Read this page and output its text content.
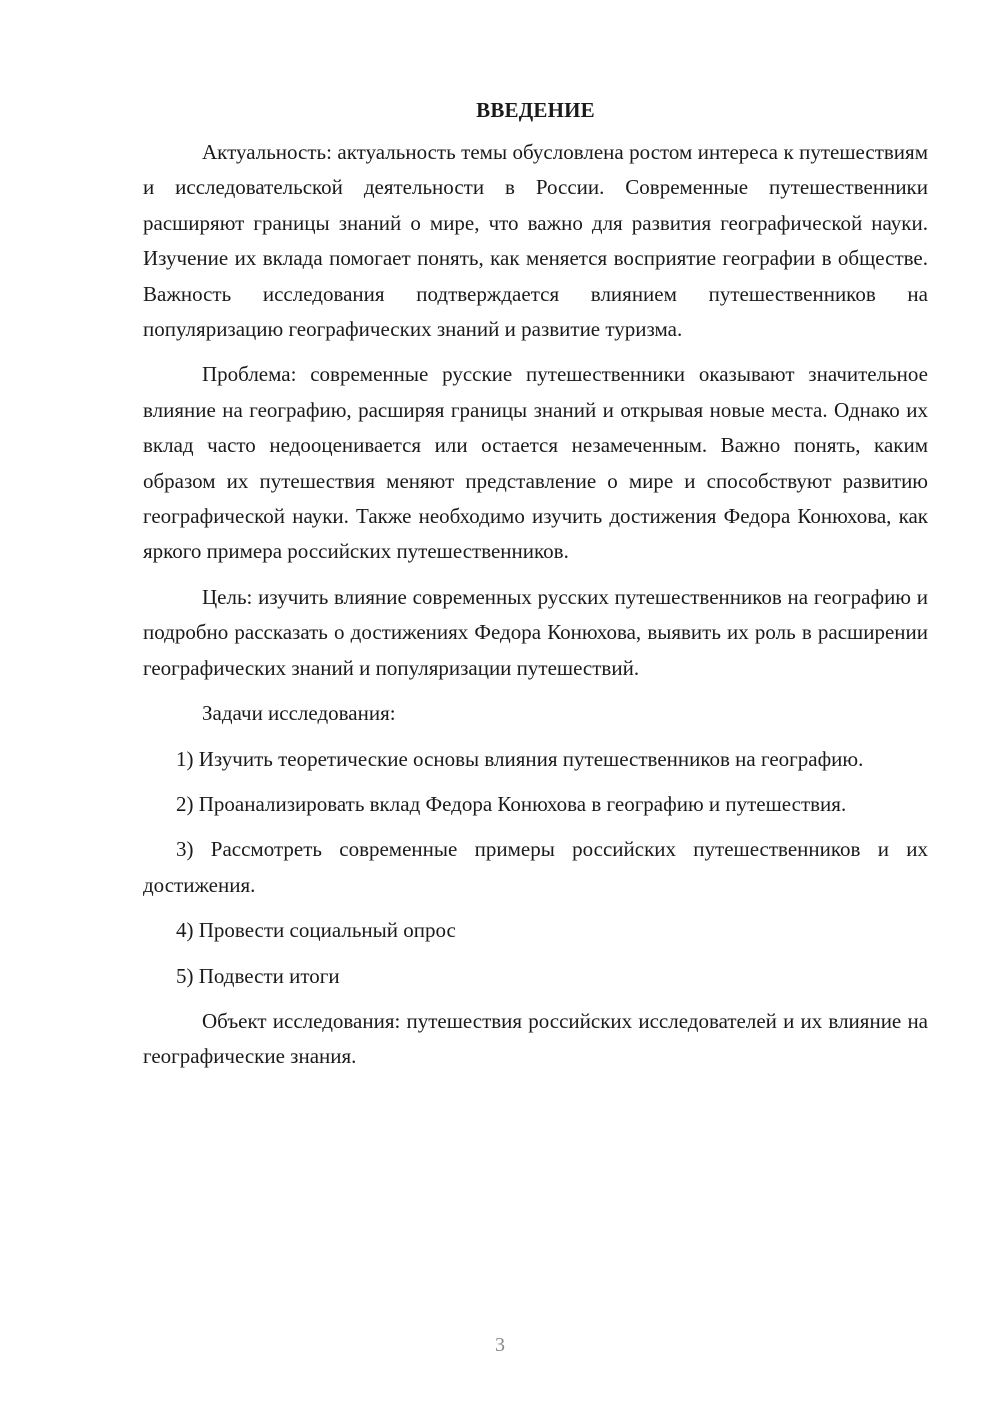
ВВЕДЕНИЕ

Актуальность: актуальность темы обусловлена ростом интереса к путешествиям и исследовательской деятельности в России. Современные путешественники расширяют границы знаний о мире, что важно для развития географической науки. Изучение их вклада помогает понять, как меняется восприятие географии в обществе. Важность исследования подтверждается влиянием путешественников на популяризацию географических знаний и развитие туризма.

Проблема: современные русские путешественники оказывают значительное влияние на географию, расширяя границы знаний и открывая новые места. Однако их вклад часто недооценивается или остается незамеченным. Важно понять, каким образом их путешествия меняют представление о мире и способствуют развитию географической науки. Также необходимо изучить достижения Федора Конюхова, как яркого примера российских путешественников.

Цель: изучить влияние современных русских путешественников на географию и подробно рассказать о достижениях Федора Конюхова, выявить их роль в расширении географических знаний и популяризации путешествий.

Задачи исследования:

1) Изучить теоретические основы влияния путешественников на географию.

2) Проанализировать вклад Федора Конюхова в географию и путешествия.

3) Рассмотреть современные примеры российских путешественников и их достижения.

4) Провести социальный опрос

5) Подвести итоги

Объект исследования: путешествия российских исследователей и их влияние на географические знания.

3
